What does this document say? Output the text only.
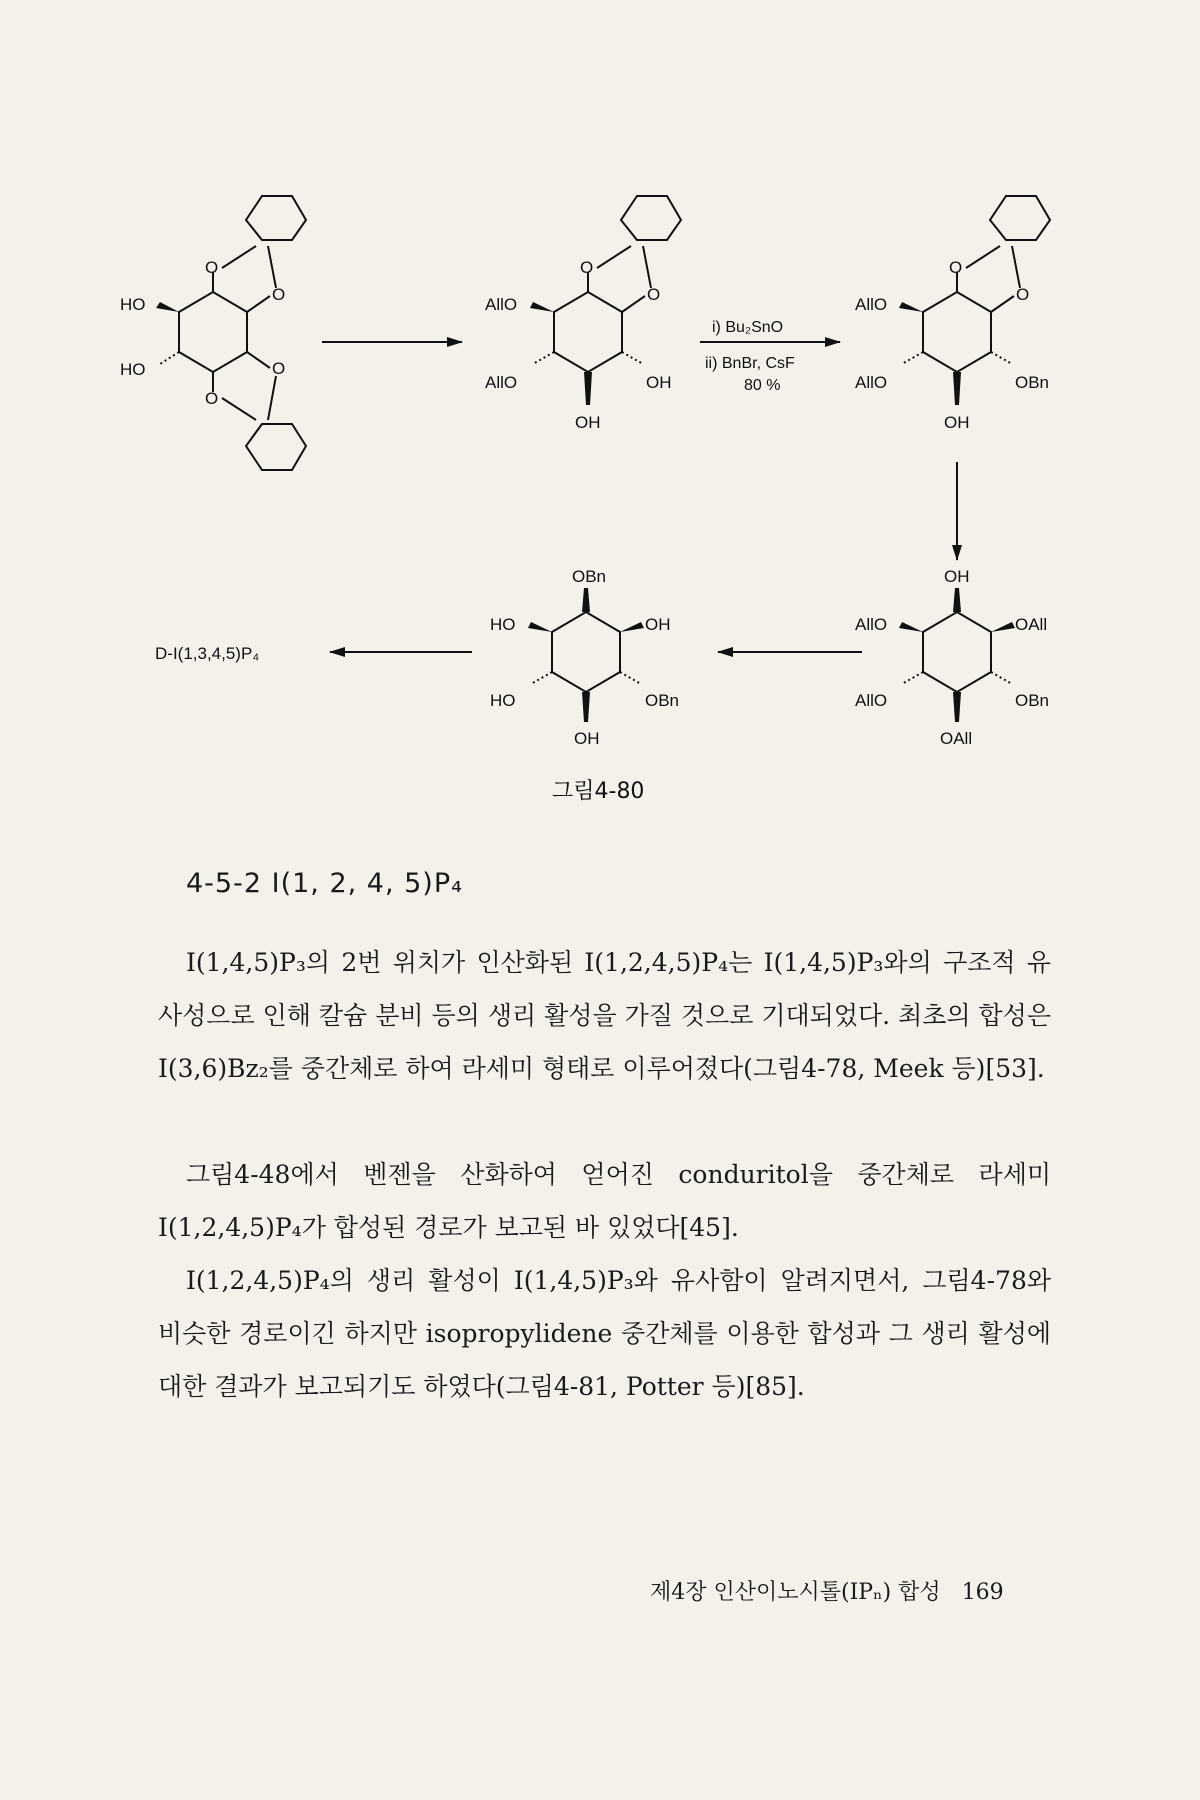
HO
HO
O
O
O
O
AllO
AllO	OH
OH
O
O
i) Bu₂SnO
ii) BnBr, CsF
80 %
AllO
AllO	OBn
OH
O
O
OH
AllO	OAll
AllO	OBn
OAll
OBn
HO	OH
HO	OBn
OH
D-I(1,3,4,5)P₄
그림4-80
4-5-2 I(1, 2, 4, 5)P₄

I(1,4,5)P₃의 2번 위치가 인산화된 I(1,2,4,5)P₄는 I(1,4,5)P₃와의 구조적 유사성으로 인해 칼슘 분비 등의 생리 활성을 가질 것으로 기대되었다. 최초의 합성은 I(3,6)Bz₂를 중간체로 하여 라세미 형태로 이루어졌다(그림4-78, Meek 등)[53].

그림4-48에서 벤젠을 산화하여 얻어진 conduritol을 중간체로 라세미 I(1,2,4,5)P₄가 합성된 경로가 보고된 바 있었다[45].

I(1,2,4,5)P₄의 생리 활성이 I(1,4,5)P₃와 유사함이 알려지면서, 그림4-78와 비슷한 경로이긴 하지만 isopropylidene 중간체를 이용한 합성과 그 생리 활성에 대한 결과가 보고되기도 하였다(그림4-81, Potter 등)[85].

제4장 인산이노시톨(IPₙ) 합성 169
